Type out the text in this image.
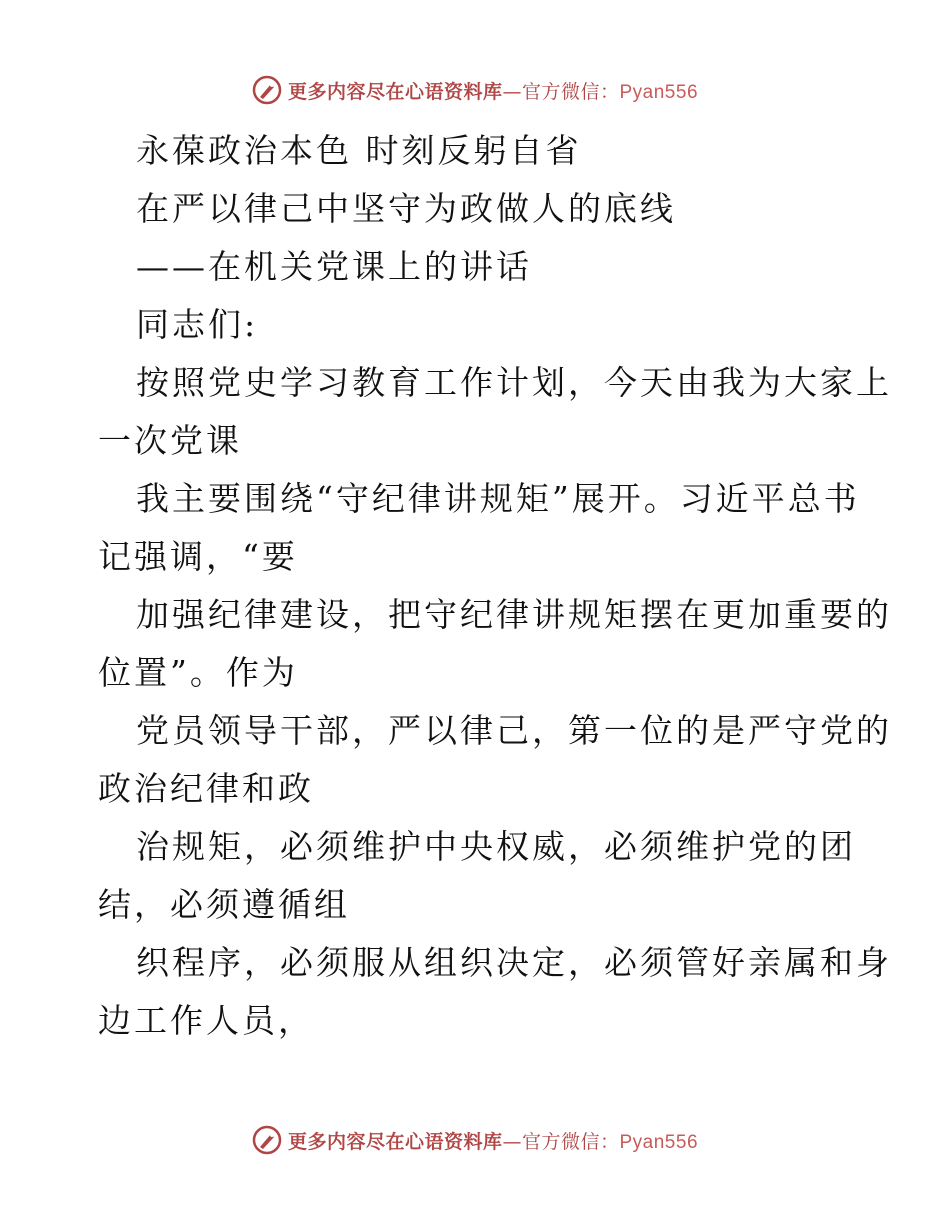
更多内容尽在心语资料库—官方微信：Pyan556
永葆政治本色 时刻反躬自省
在严以律己中坚守为政做人的底线
——在机关党课上的讲话
同志们:
按照党史学习教育工作计划，今天由我为大家上
一次党课
我主要围绕“守纪律讲规矩”展开。习近平总书
记强调，“要
加强纪律建设，把守纪律讲规矩摆在更加重要的
位置”。作为
党员领导干部，严以律己，第一位的是严守党的
政治纪律和政
治规矩，必须维护中央权威，必须维护党的团
结，必须遵循组
织程序，必须服从组织决定，必须管好亲属和身
边工作人员，
更多内容尽在心语资料库—官方微信：Pyan556
